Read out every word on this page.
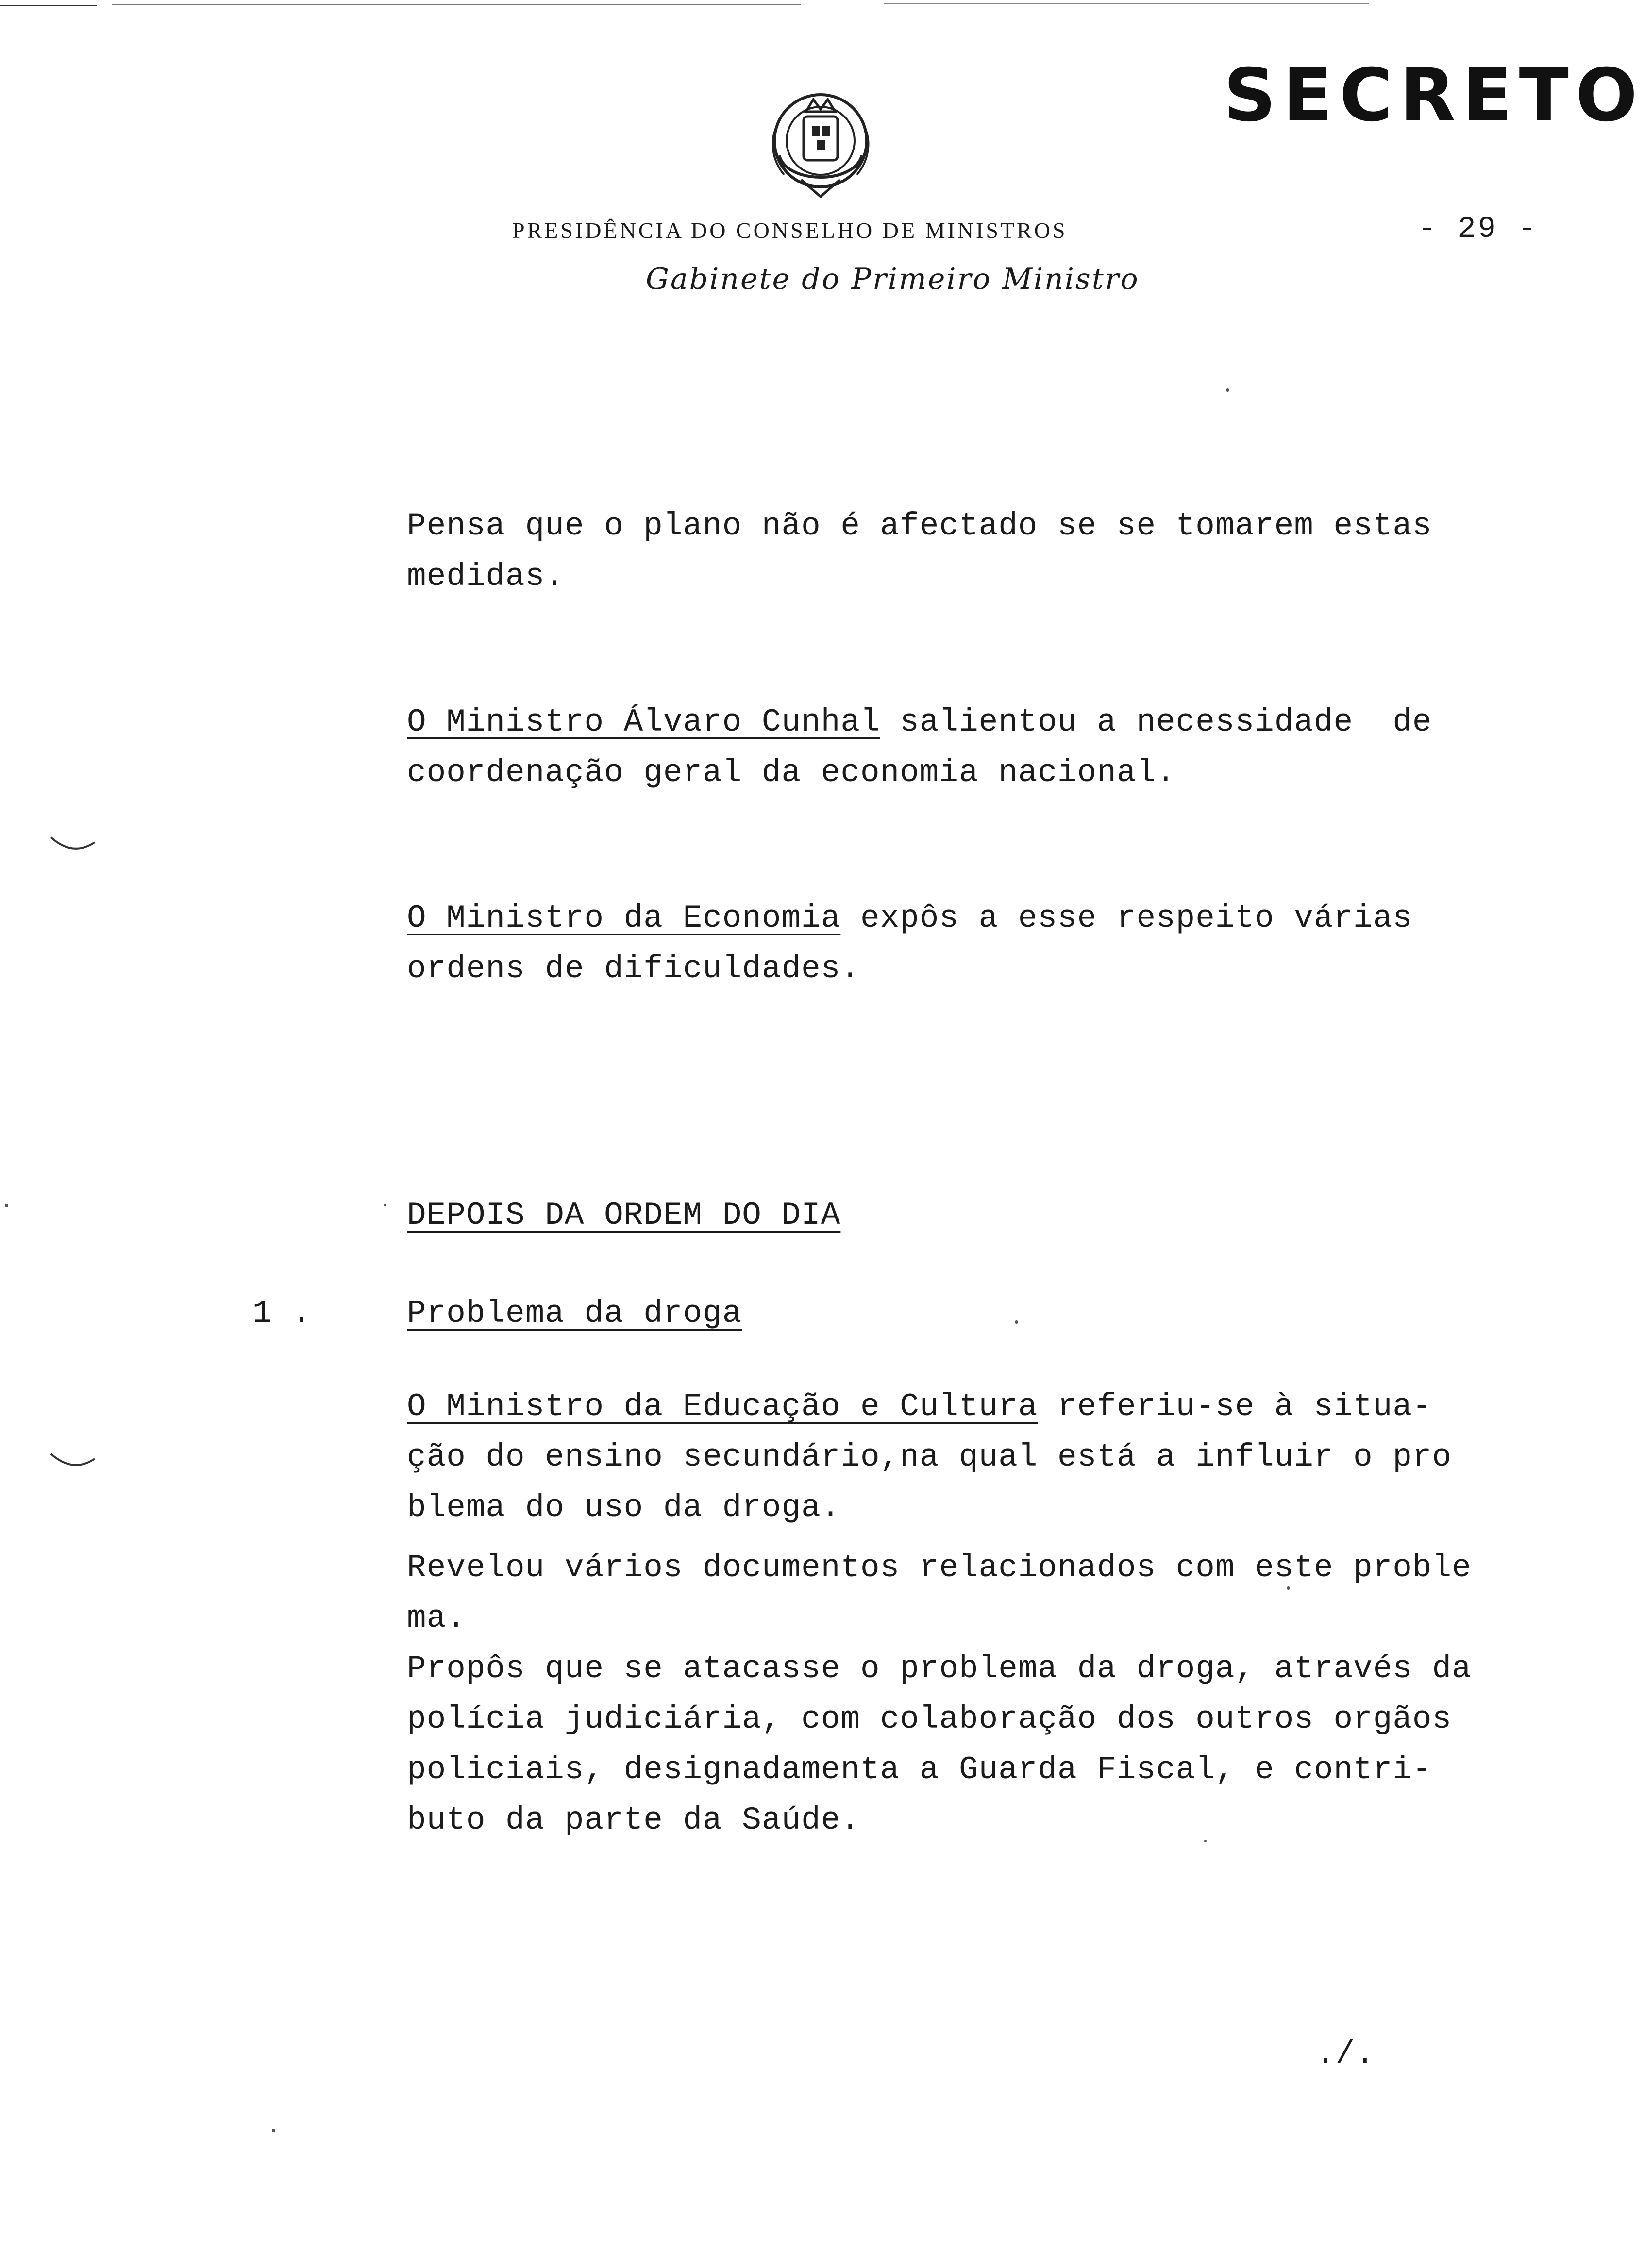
SECRETO
PRESIDÊNCIA DO CONSELHO DE MINISTROS	- 29 -
Gabinete do Primeiro Ministro
Pensa que o plano não é afectado se se tomarem estas
medidas.
O Ministro Álvaro Cunhal salientou a necessidade  de
coordenação geral da economia nacional.
O Ministro da Economia expôs a esse respeito várias
ordens de dificuldades.
DEPOIS DA ORDEM DO DIA
1 .	Problema da droga
O Ministro da Educação e Cultura referiu-se à situa-
ção do ensino secundário,na qual está a influir o pro
blema do uso da droga.
Revelou vários documentos relacionados com este proble
ma.
Propôs que se atacasse o problema da droga, através da
polícia judiciária, com colaboração dos outros orgãos
policiais, designadamenta a Guarda Fiscal, e contri-
buto da parte da Saúde.
./.
